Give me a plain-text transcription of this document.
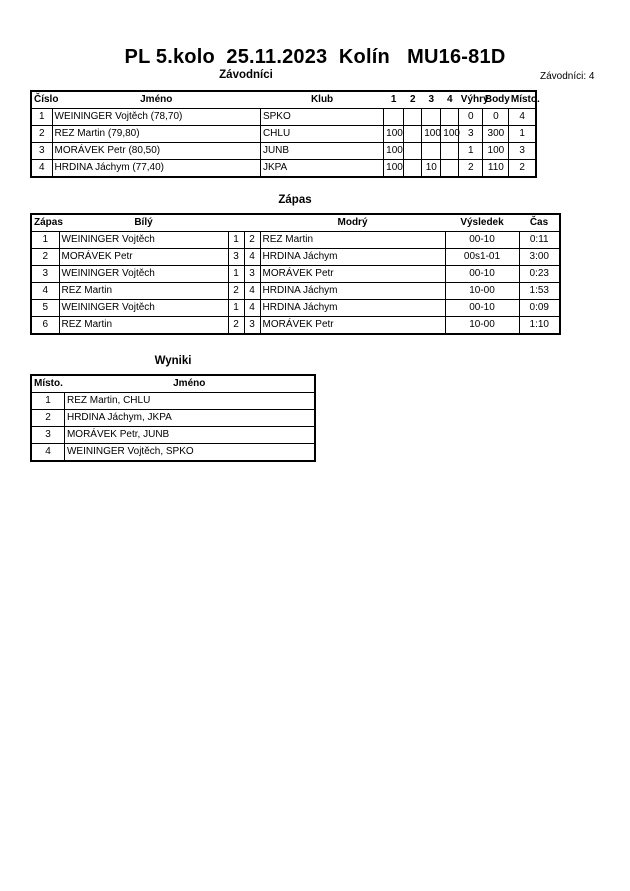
PL 5.kolo  25.11.2023  Kolín   MU16-81D
Závodníci	Závodníci: 4
Číslo	Jméno	Klub	1	2	3	4	Výhry	Body	Místo.
1	WEININGER Vojtěch (78,70)	SPKO					0	0	4
2	REZ Martin (79,80)	CHLU	100		100	100	3	300	1
3	MORÁVEK Petr (80,50)	JUNB	100				1	100	3
4	HRDINA Jáchym (77,40)	JKPA	100		10		2	110	2
Zápas
Zápas	Bílý			Modrý	Výsledek	Čas
1	WEININGER Vojtěch	1	2	REZ Martin	00-10	0:11
2	MORÁVEK Petr	3	4	HRDINA Jáchym	00s1-01	3:00
3	WEININGER Vojtěch	1	3	MORÁVEK Petr	00-10	0:23
4	REZ Martin	2	4	HRDINA Jáchym	10-00	1:53
5	WEININGER Vojtěch	1	4	HRDINA Jáchym	00-10	0:09
6	REZ Martin	2	3	MORÁVEK Petr	10-00	1:10
Wyniki
Místo.	Jméno
1	REZ Martin, CHLU
2	HRDINA Jáchym, JKPA
3	MORÁVEK Petr, JUNB
4	WEININGER Vojtěch, SPKO
